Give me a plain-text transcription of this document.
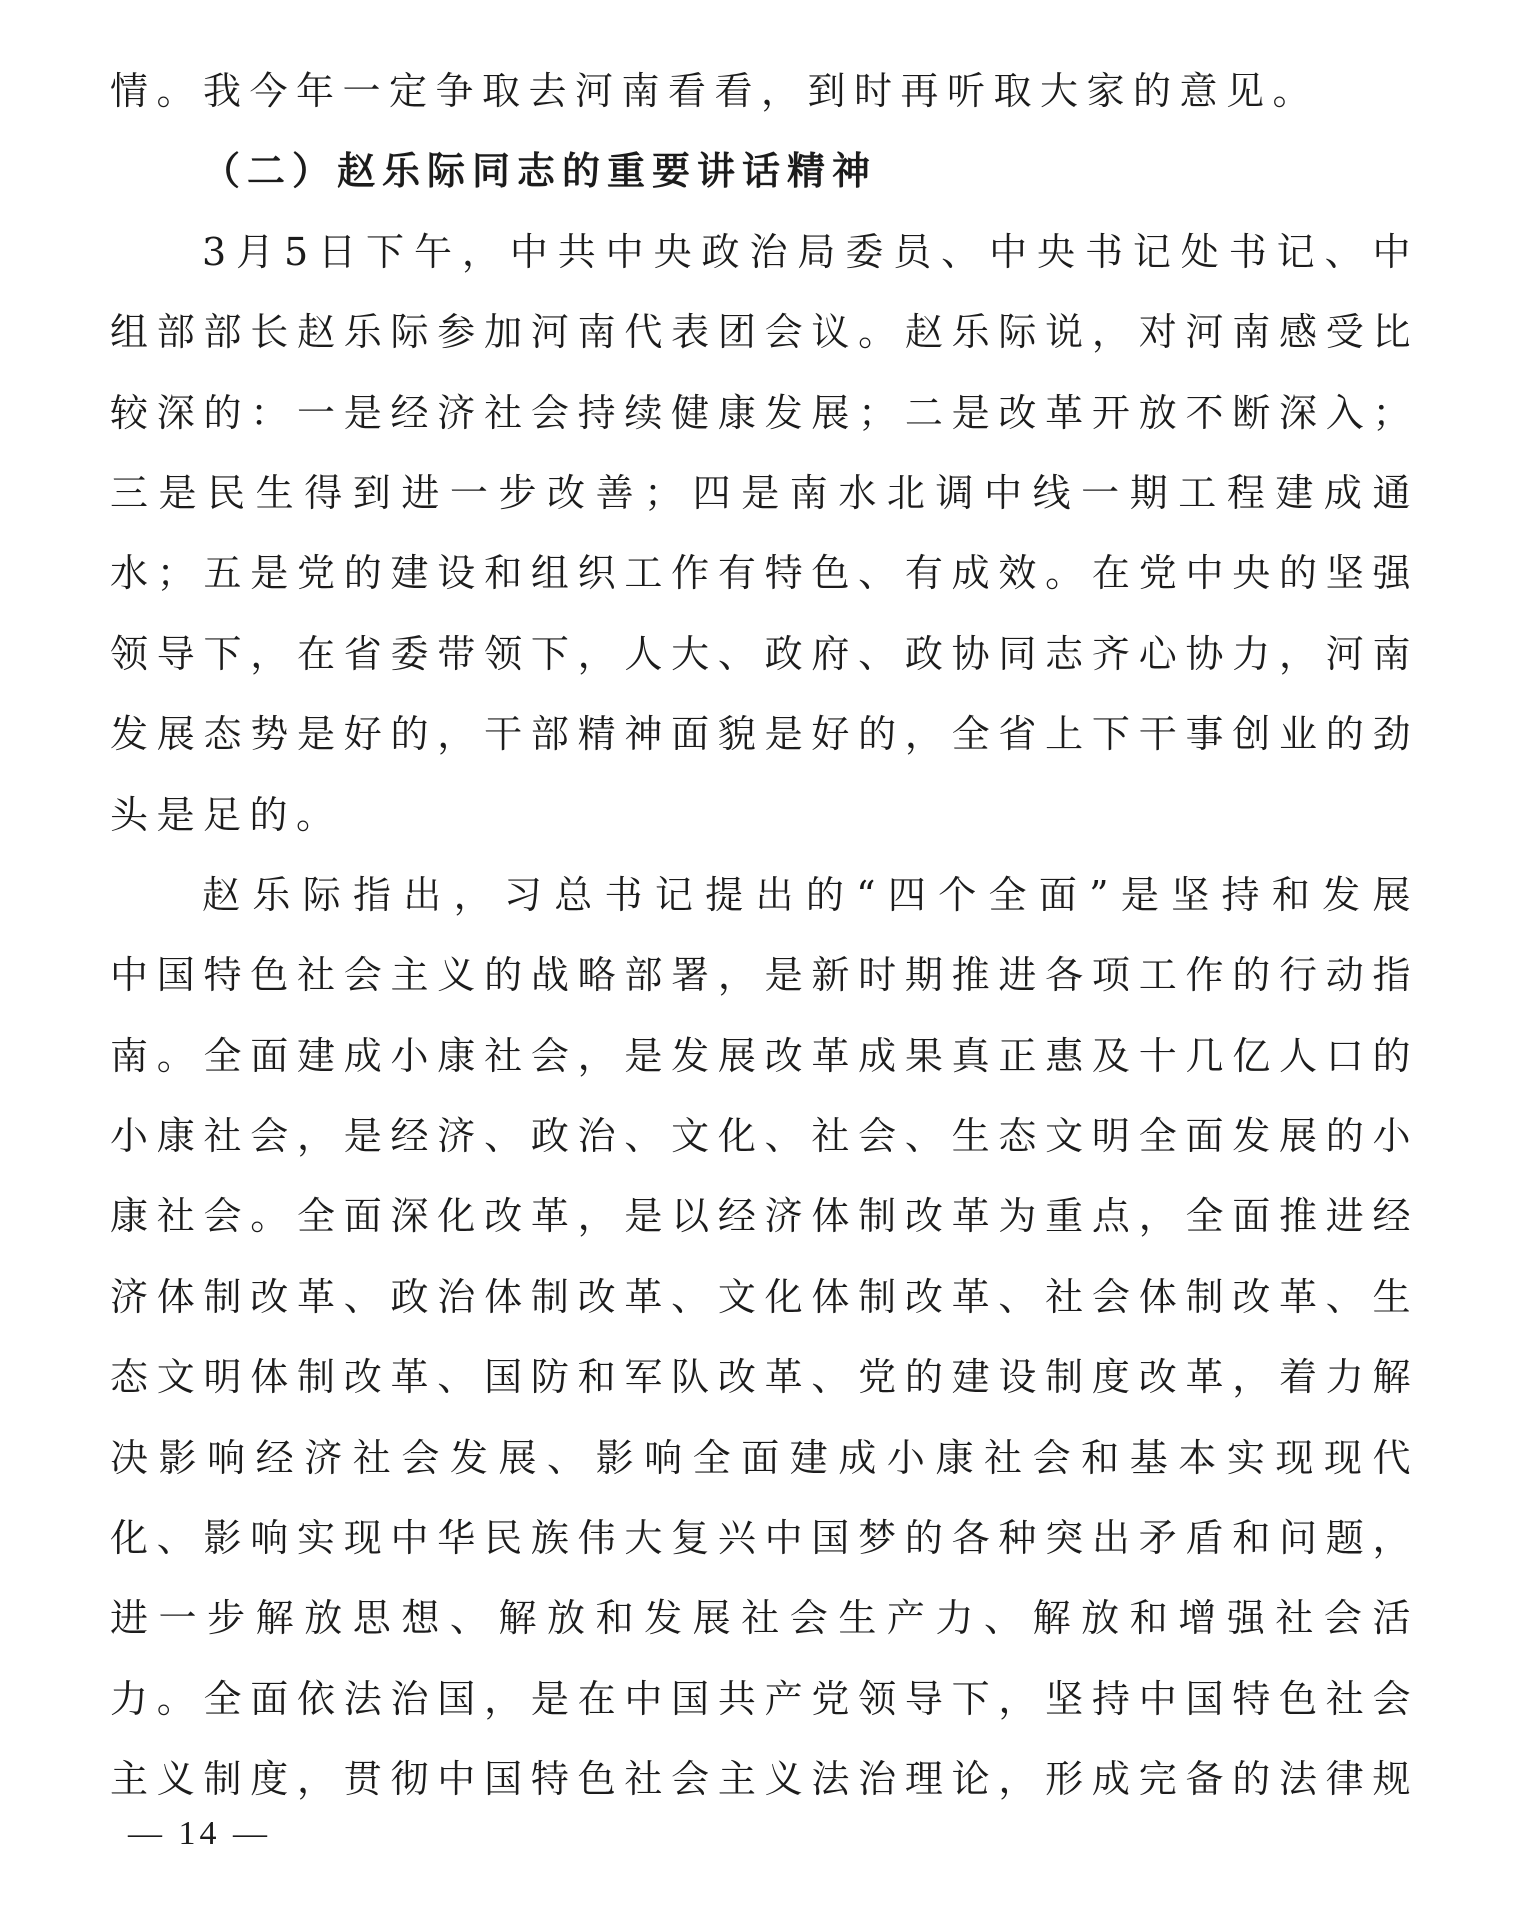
情。我今年一定争取去河南看看，到时再听取大家的意见。
（二）赵乐际同志的重要讲话精神
3月5日下午，中共中央政治局委员、中央书记处书记、中
组部部长赵乐际参加河南代表团会议。赵乐际说，对河南感受比
较深的：一是经济社会持续健康发展；二是改革开放不断深入；
三是民生得到进一步改善；四是南水北调中线一期工程建成通
水；五是党的建设和组织工作有特色、有成效。在党中央的坚强
领导下，在省委带领下，人大、政府、政协同志齐心协力，河南
发展态势是好的，干部精神面貌是好的，全省上下干事创业的劲
头是足的。
赵乐际指出，习总书记提出的“四个全面”是坚持和发展
中国特色社会主义的战略部署，是新时期推进各项工作的行动指
南。全面建成小康社会，是发展改革成果真正惠及十几亿人口的
小康社会，是经济、政治、文化、社会、生态文明全面发展的小
康社会。全面深化改革，是以经济体制改革为重点，全面推进经
济体制改革、政治体制改革、文化体制改革、社会体制改革、生
态文明体制改革、国防和军队改革、党的建设制度改革，着力解
决影响经济社会发展、影响全面建成小康社会和基本实现现代
化、影响实现中华民族伟大复兴中国梦的各种突出矛盾和问题，
进一步解放思想、解放和发展社会生产力、解放和增强社会活
力。全面依法治国，是在中国共产党领导下，坚持中国特色社会
主义制度，贯彻中国特色社会主义法治理论，形成完备的法律规
— 14 —
